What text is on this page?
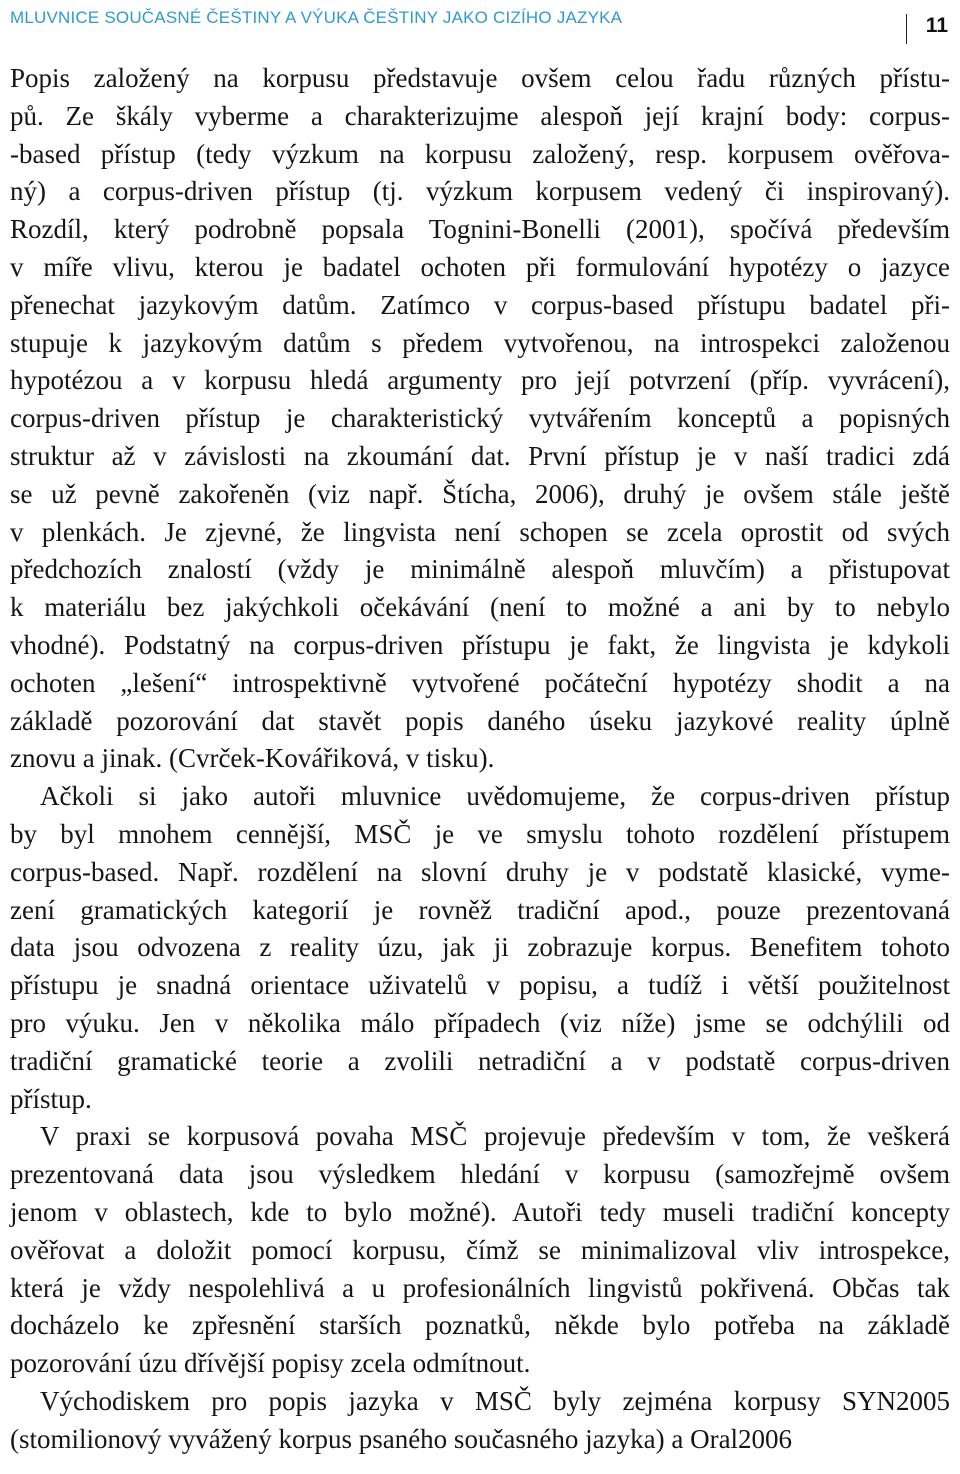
MLUVNICE SOUČASNÉ ČEŠTINY A VÝUKA ČEŠTINY JAKO CIZÍHO JAZYKA	11

Popis založený na korpusu představuje ovšem celou řadu různých přístu-

pů. Ze škály vyberme a charakterizujme alespoň její krajní body: corpus-

-based přístup (tedy výzkum na korpusu založený, resp. korpusem ověřova-

ný) a corpus-driven přístup (tj. výzkum korpusem vedený či inspirovaný).

Rozdíl, který podrobně popsala Tognini-Bonelli (2001), spočívá především

v míře vlivu, kterou je badatel ochoten při formulování hypotézy o jazyce

přenechat jazykovým datům. Zatímco v corpus-based přístupu badatel při-

stupuje k jazykovým datům s předem vytvořenou, na introspekci založenou

hypotézou a v korpusu hledá argumenty pro její potvrzení (příp. vyvrácení),

corpus-driven přístup je charakteristický vytvářením konceptů a popisných

struktur až v závislosti na zkoumání dat. První přístup je v naší tradici zdá

se už pevně zakořeněn (viz např. Štícha, 2006), druhý je ovšem stále ještě

v plenkách. Je zjevné, že lingvista není schopen se zcela oprostit od svých

předchozích znalostí (vždy je minimálně alespoň mluvčím) a přistupovat

k materiálu bez jakýchkoli očekávání (není to možné a ani by to nebylo

vhodné). Podstatný na corpus-driven přístupu je fakt, že lingvista je kdykoli

ochoten „lešení“ introspektivně vytvořené počáteční hypotézy shodit a na

základě pozorování dat stavět popis daného úseku jazykové reality úplně

znovu a jinak. (Cvrček-Kovářiková, v tisku).

Ačkoli si jako autoři mluvnice uvědomujeme, že corpus-driven přístup

by byl mnohem cennější, MSČ je ve smyslu tohoto rozdělení přístupem

corpus-based. Např. rozdělení na slovní druhy je v podstatě klasické, vyme-

zení gramatických kategorií je rovněž tradiční apod., pouze prezentovaná

data jsou odvozena z reality úzu, jak ji zobrazuje korpus. Benefitem tohoto

přístupu je snadná orientace uživatelů v popisu, a tudíž i větší použitelnost

pro výuku. Jen v několika málo případech (viz níže) jsme se odchýlili od

tradiční gramatické teorie a zvolili netradiční a v podstatě corpus-driven

přístup.

V praxi se korpusová povaha MSČ projevuje především v tom, že veškerá

prezentovaná data jsou výsledkem hledání v korpusu (samozřejmě ovšem

jenom v oblastech, kde to bylo možné). Autoři tedy museli tradiční koncepty

ověřovat a doložit pomocí korpusu, čímž se minimalizoval vliv introspekce,

která je vždy nespolehlivá a u profesionálních lingvistů pokřivená. Občas tak

docházelo ke zpřesnění starších poznatků, někde bylo potřeba na základě

pozorování úzu dřívější popisy zcela odmítnout.

Východiskem pro popis jazyka v MSČ byly zejména korpusy SYN2005

(stomilionový vyvážený korpus psaného současného jazyka) a Oral2006
